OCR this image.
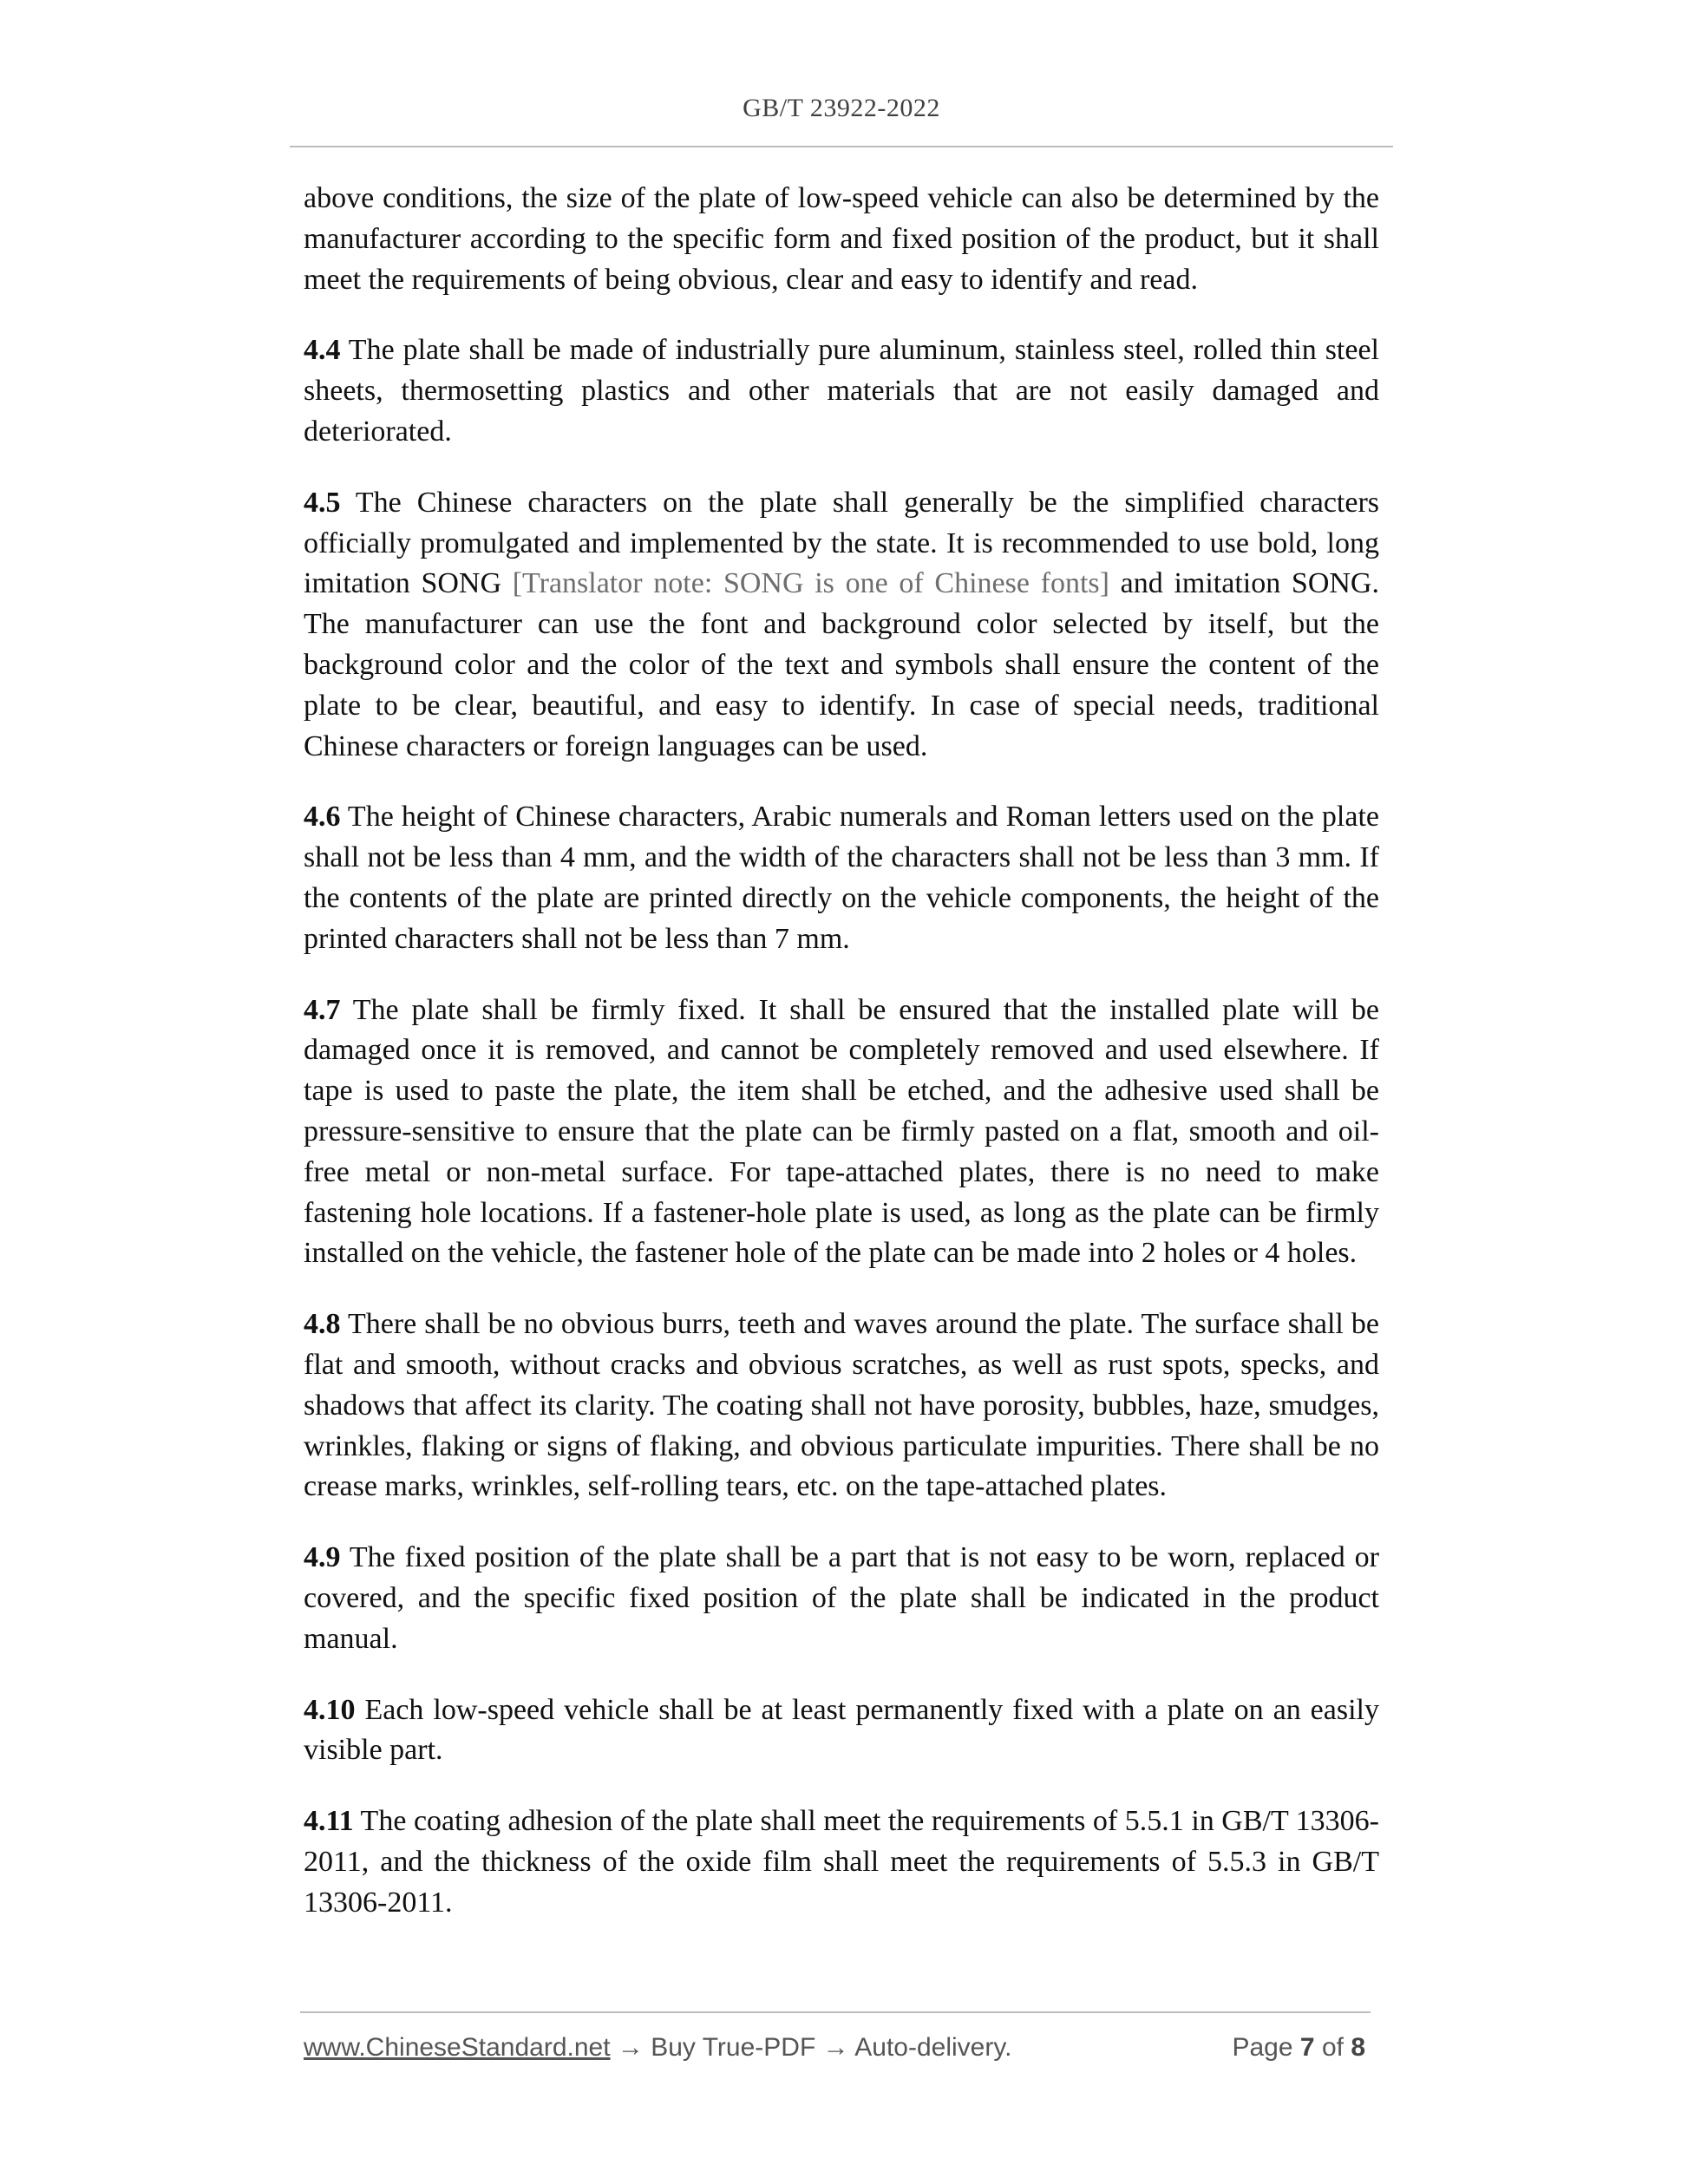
GB/T 23922-2022

above conditions, the size of the plate of low-speed vehicle can also be determined by the manufacturer according to the specific form and fixed position of the product, but it shall meet the requirements of being obvious, clear and easy to identify and read.

4.4 The plate shall be made of industrially pure aluminum, stainless steel, rolled thin steel sheets, thermosetting plastics and other materials that are not easily damaged and deteriorated.

4.5 The Chinese characters on the plate shall generally be the simplified characters officially promulgated and implemented by the state. It is recommended to use bold, long imitation SONG [Translator note: SONG is one of Chinese fonts] and imitation SONG. The manufacturer can use the font and background color selected by itself, but the background color and the color of the text and symbols shall ensure the content of the plate to be clear, beautiful, and easy to identify. In case of special needs, traditional Chinese characters or foreign languages can be used.

4.6 The height of Chinese characters, Arabic numerals and Roman letters used on the plate shall not be less than 4 mm, and the width of the characters shall not be less than 3 mm. If the contents of the plate are printed directly on the vehicle components, the height of the printed characters shall not be less than 7 mm.

4.7 The plate shall be firmly fixed. It shall be ensured that the installed plate will be damaged once it is removed, and cannot be completely removed and used elsewhere. If tape is used to paste the plate, the item shall be etched, and the adhesive used shall be pressure-sensitive to ensure that the plate can be firmly pasted on a flat, smooth and oil-free metal or non-metal surface. For tape-attached plates, there is no need to make fastening hole locations. If a fastener-hole plate is used, as long as the plate can be firmly installed on the vehicle, the fastener hole of the plate can be made into 2 holes or 4 holes.

4.8 There shall be no obvious burrs, teeth and waves around the plate. The surface shall be flat and smooth, without cracks and obvious scratches, as well as rust spots, specks, and shadows that affect its clarity. The coating shall not have porosity, bubbles, haze, smudges, wrinkles, flaking or signs of flaking, and obvious particulate impurities. There shall be no crease marks, wrinkles, self-rolling tears, etc. on the tape-attached plates.

4.9 The fixed position of the plate shall be a part that is not easy to be worn, replaced or covered, and the specific fixed position of the plate shall be indicated in the product manual.

4.10 Each low-speed vehicle shall be at least permanently fixed with a plate on an easily visible part.

4.11 The coating adhesion of the plate shall meet the requirements of 5.5.1 in GB/T 13306-2011, and the thickness of the oxide film shall meet the requirements of 5.5.3 in GB/T 13306-2011.

www.ChineseStandard.net → Buy True-PDF → Auto-delivery.	Page 7 of 8
